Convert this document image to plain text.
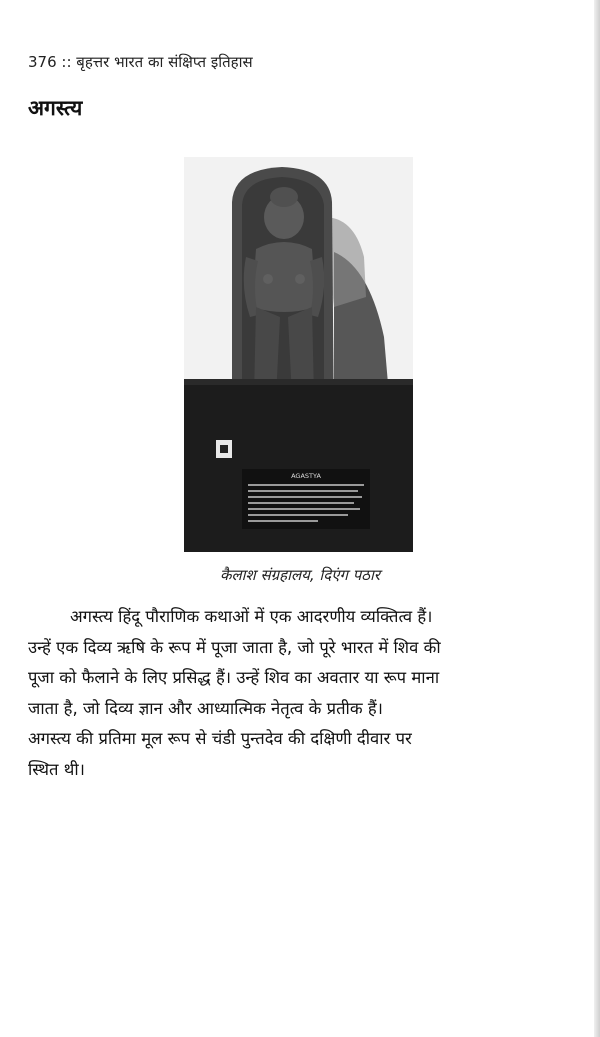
376 :: बृहत्तर भारत का संक्षिप्त इतिहास
अगस्त्य
AGASTYA
कैलाश संग्रहालय, दिएंग पठार
अगस्त्य हिंदू पौराणिक कथाओं में एक आदरणीय व्यक्तित्व हैं।
उन्हें एक दिव्य ऋषि के रूप में पूजा जाता है, जो पूरे भारत में शिव की
पूजा को फैलाने के लिए प्रसिद्ध हैं। उन्हें शिव का अवतार या रूप माना
जाता है, जो दिव्य ज्ञान और आध्यात्मिक नेतृत्व के प्रतीक हैं।
अगस्त्य की प्रतिमा मूल रूप से चंडी पुन्तदेव की दक्षिणी दीवार पर
स्थित थी।
